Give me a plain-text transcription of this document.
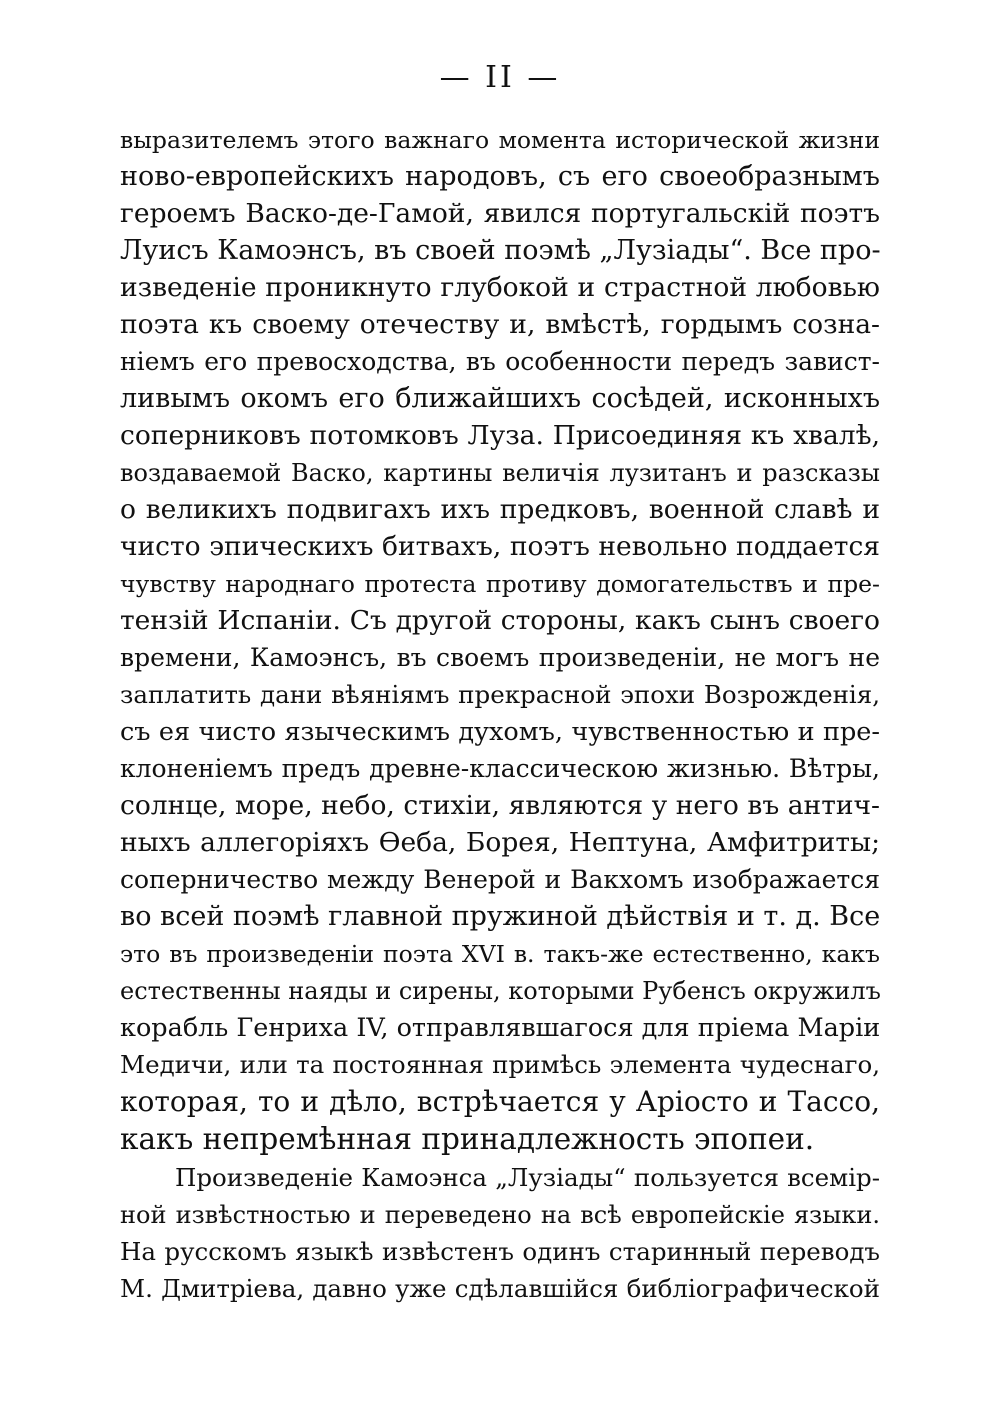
— II —
выразителемъ этого важнаго момента исторической жизни
ново-европейскихъ народовъ, съ его своеобразнымъ
героемъ Васко-де-Гамой, явился португальскій поэтъ
Луисъ Камоэнсъ, въ своей поэмѣ „Лузіады“. Все про-
изведеніе проникнуто глубокой и страстной любовью
поэта къ своему отечеству и, вмѣстѣ, гордымъ созна-
ніемъ его превосходства, въ особенности передъ завист-
ливымъ окомъ его ближайшихъ сосѣдей, исконныхъ
соперниковъ потомковъ Луза. Присоединяя къ хвалѣ,
воздаваемой Васко, картины величія лузитанъ и разсказы
о великихъ подвигахъ ихъ предковъ, военной славѣ и
чисто эпическихъ битвахъ, поэтъ невольно поддается
чувству народнаго протеста противу домогательствъ и пре-
тензій Испаніи. Съ другой стороны, какъ сынъ своего
времени, Камоэнсъ, въ своемъ произведеніи, не могъ не
заплатить дани вѣяніямъ прекрасной эпохи Возрожденія,
съ ея чисто языческимъ духомъ, чувственностью и пре-
клоненіемъ предъ древне-классическою жизнью. Вѣтры,
солнце, море, небо, стихіи, являются у него въ антич-
ныхъ аллегоріяхъ Ѳеба, Борея, Нептуна, Амфитриты;
соперничество между Венерой и Вакхомъ изображается
во всей поэмѣ главной пружиной дѣйствія и т. д. Все
это въ произведеніи поэта XVI в. такъ-же естественно, какъ
естественны наяды и сирены, которыми Рубенсъ окружилъ
корабль Генриха IV, отправлявшагося для пріема Маріи
Медичи, или та постоянная примѣсь элемента чудеснаго,
которая, то и дѣло, встрѣчается у Аріосто и Тассо,
какъ непремѣнная принадлежность эпопеи.
Произведеніе Камоэнса „Лузіады“ пользуется всемір-
ной извѣстностью и переведено на всѣ европейскіе языки.
На русскомъ языкѣ извѣстенъ одинъ старинный переводъ
М. Дмитріева, давно уже сдѣлавшійся библіографической
